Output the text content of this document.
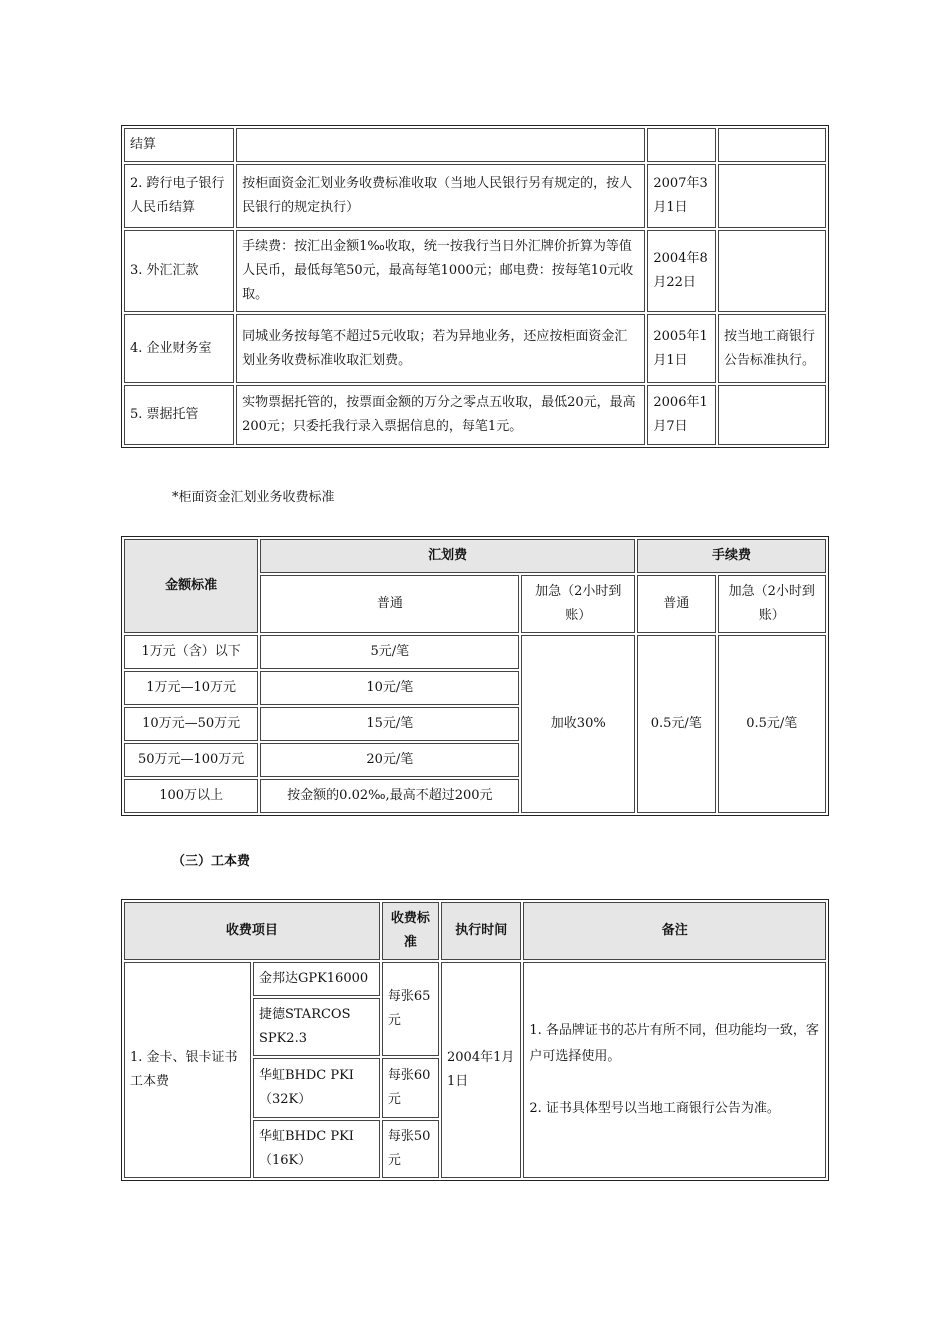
结算			
2. 跨行电子银行人民币结算	按柜面资金汇划业务收费标准收取（当地人民银行另有规定的，按人民银行的规定执行）	2007年3月1日	
3. 外汇汇款	手续费：按汇出金额1‰收取，统一按我行当日外汇牌价折算为等值人民币，最低每笔50元，最高每笔1000元；邮电费：按每笔10元收取。	2004年8月22日	
4. 企业财务室	同城业务按每笔不超过5元收取；若为异地业务，还应按柜面资金汇划业务收费标准收取汇划费。	2005年1月1日	按当地工商银行公告标准执行。
5. 票据托管	实物票据托管的，按票面金额的万分之零点五收取，最低20元，最高200元；只委托我行录入票据信息的，每笔1元。	2006年1月7日	
*柜面资金汇划业务收费标准
金额标准	汇划费		手续费	
	普通	加急（2小时到账）	普通	加急（2小时到账）
1万元（含）以下	5元/笔	加收30%	0.5元/笔	0.5元/笔
1万元—10万元	10元/笔			
10万元—50万元	15元/笔			
50万元—100万元	20元/笔			
100万以上	按金额的0.02‰,最高不超过200元			
（三）工本费
收费项目		收费标准	执行时间	备注
1. 金卡、银卡证书工本费	金邦达GPK16000	每张65元	2004年1月1日	1. 各品牌证书的芯片有所不同，但功能均一致，客户可选择使用。
2. 证书具体型号以当地工商银行公告为准。

	捷德STARCOS SPK2.3			
	华虹BHDC PKI（32K）	每张60元		
	华虹BHDC PKI（16K）	每张50元		
